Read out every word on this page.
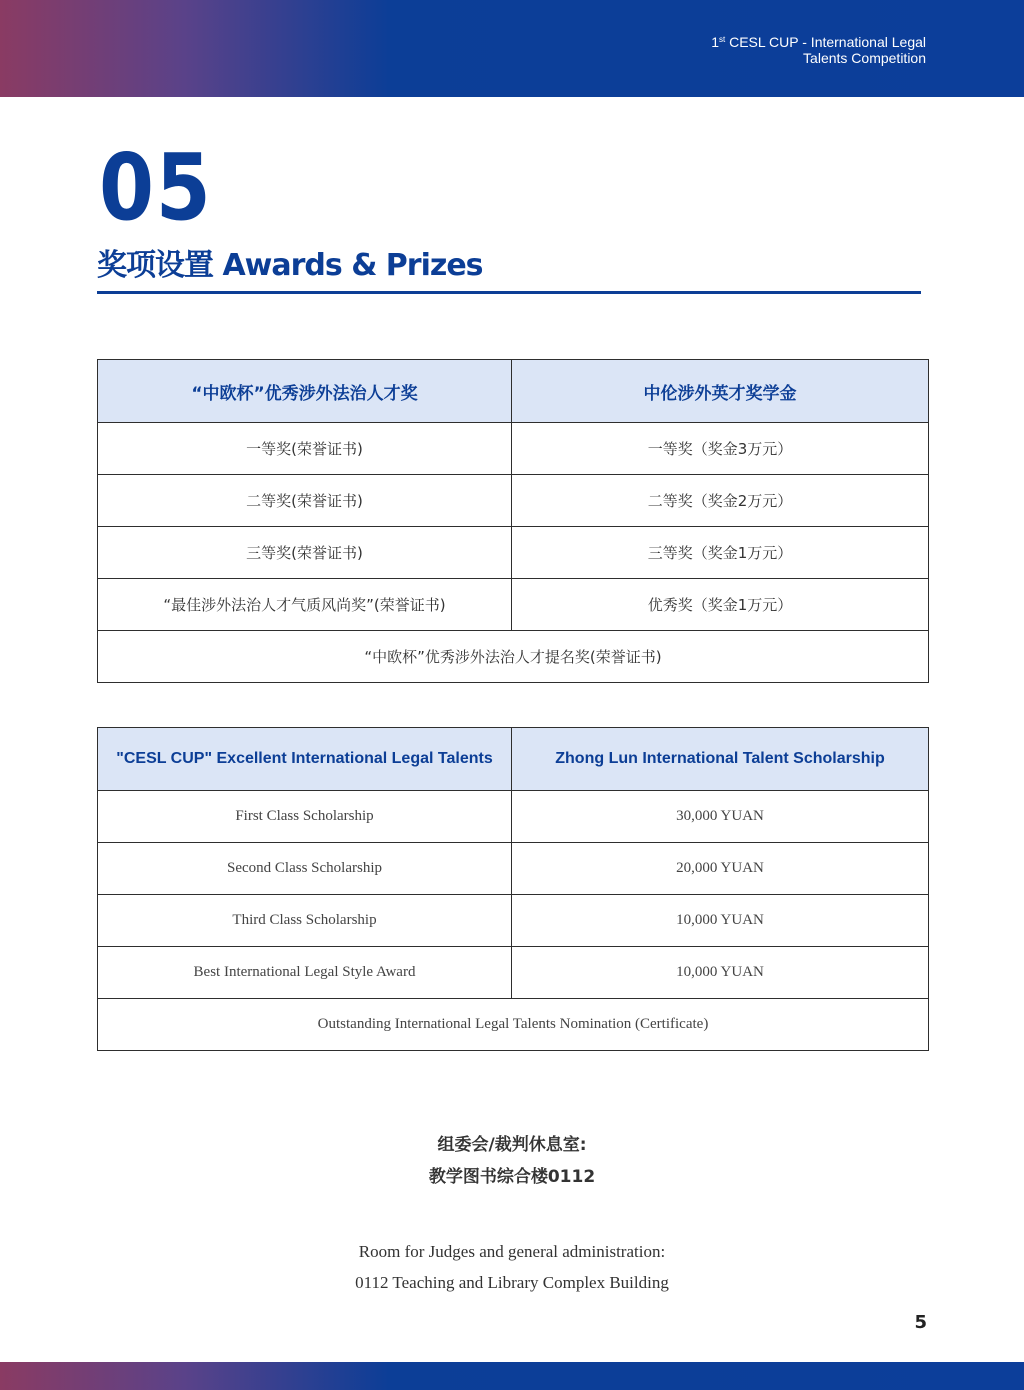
1st CESL CUP - International Legal
Talents Competition
05
奖项设置 Awards & Prizes
“中欧杯”优秀涉外法治人才奖	中伦涉外英才奖学金
一等奖(荣誉证书)	一等奖（奖金3万元）
二等奖(荣誉证书)	二等奖（奖金2万元）
三等奖(荣誉证书)	三等奖（奖金1万元）
“最佳涉外法治人才气质风尚奖”(荣誉证书)	优秀奖（奖金1万元）
“中欧杯”优秀涉外法治人才提名奖(荣誉证书)	
"CESL CUP" Excellent International Legal Talents	Zhong Lun International Talent Scholarship
First Class Scholarship	30,000 YUAN
Second Class Scholarship	20,000 YUAN
Third Class Scholarship	10,000 YUAN
Best International Legal Style Award	10,000 YUAN
Outstanding International Legal Talents Nomination (Certificate)	
组委会/裁判休息室:
教学图书综合楼0112
Room for Judges and general administration:
0112 Teaching and Library Complex Building
5
